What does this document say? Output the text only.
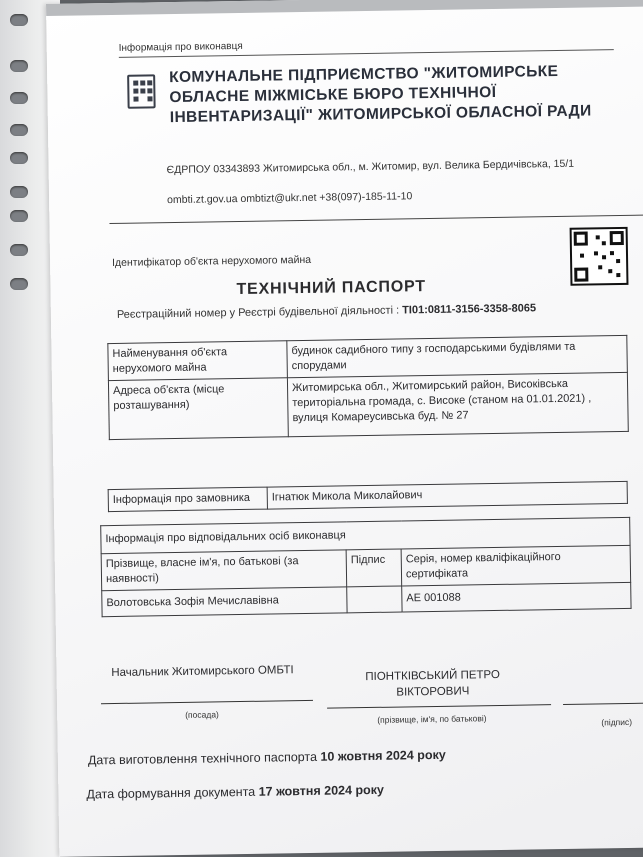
Інформація про виконавця
КОМУНАЛЬНЕ ПІДПРИЄМСТВО "ЖИТОМИРСЬКЕ ОБЛАСНЕ МІЖМІСЬКЕ БЮРО ТЕХНІЧНОЇ ІНВЕНТАРИЗАЦІЇ" ЖИТОМИРСЬКОЇ ОБЛАСНОЇ РАДИ
ЄДРПОУ 03343893 Житомирська обл., м. Житомир, вул. Велика Бердичівська, 15/1
ombti.zt.gov.ua ombtizt@ukr.net +38(097)-185-11-10
Ідентифікатор об'єкта нерухомого майна
ТЕХНІЧНИЙ ПАСПОРТ
Реєстраційний номер у Реєстрі будівельної діяльності : ТІ01:0811-3156-3358-8065
Найменування об'єкта нерухомого майна	будинок садибного типу з господарськими будівлями та спорудами
Адреса об'єкта (місце розташування)	Житомирська обл., Житомирський район, Високівська територіальна громада, с. Високе (станом на 01.01.2021) , вулиця Комареусивська буд. № 27
Інформація про замовника	Ігнатюк Микола Миколайович
Інформація про відповідальних осіб виконавця		
Прізвище, власне ім'я, по батькові (за наявності)	Підпис	Серія, номер кваліфікаційного сертифіката
Волотовська Зофія Мечиславівна		АЕ 001088
Начальник Житомирського ОМБТІ
(посада)
ПІОНТКІВСЬКИЙ ПЕТРО ВІКТОРОВИЧ
(прізвище, ім'я, по батькові)	(підпис)
Дата виготовлення технічного паспорта 10 жовтня 2024 року
Дата формування документа 17 жовтня 2024 року
